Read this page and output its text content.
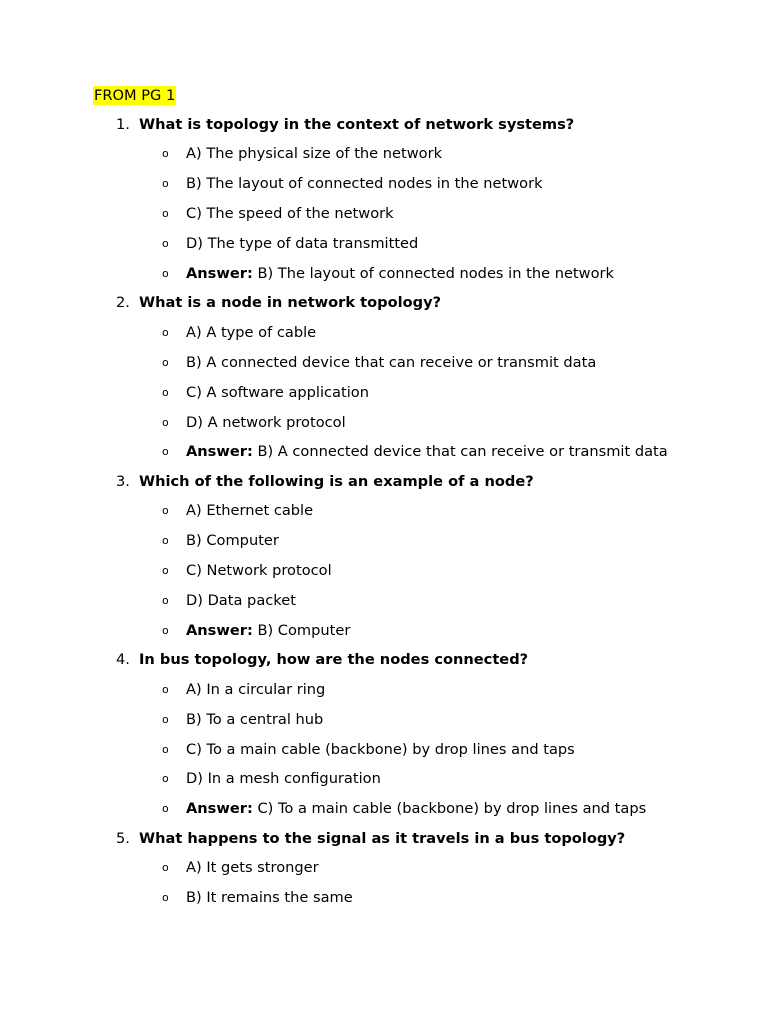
FROM PG 1
1. What is topology in the context of network systems?
o A) The physical size of the network
o B) The layout of connected nodes in the network
o C) The speed of the network
o D) The type of data transmitted
o Answer: B) The layout of connected nodes in the network
2. What is a node in network topology?
o A) A type of cable
o B) A connected device that can receive or transmit data
o C) A software application
o D) A network protocol
o Answer: B) A connected device that can receive or transmit data
3. Which of the following is an example of a node?
o A) Ethernet cable
o B) Computer
o C) Network protocol
o D) Data packet
o Answer: B) Computer
4. In bus topology, how are the nodes connected?
o A) In a circular ring
o B) To a central hub
o C) To a main cable (backbone) by drop lines and taps
o D) In a mesh configuration
o Answer: C) To a main cable (backbone) by drop lines and taps
5. What happens to the signal as it travels in a bus topology?
o A) It gets stronger
o B) It remains the same
